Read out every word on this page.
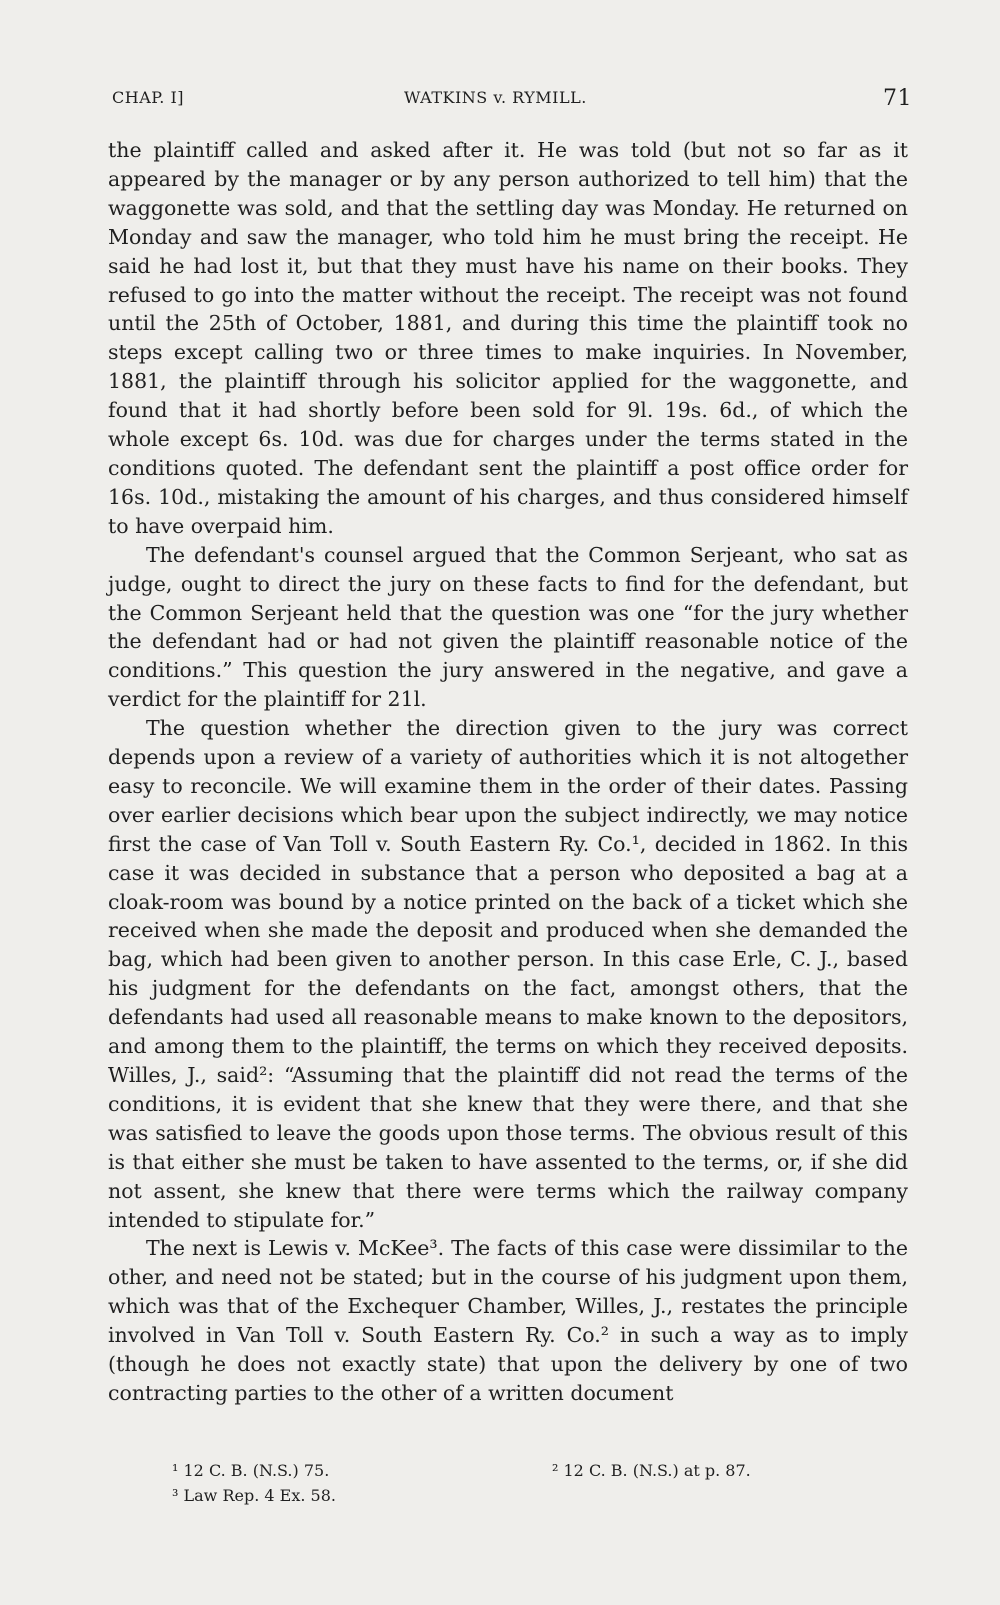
CHAP. I]	WATKINS v. RYMILL.	71

the plaintiff called and asked after it. He was told (but not so far as it appeared by the manager or by any person authorized to tell him) that the waggonette was sold, and that the settling day was Monday. He returned on Monday and saw the manager, who told him he must bring the receipt. He said he had lost it, but that they must have his name on their books. They refused to go into the matter without the receipt. The receipt was not found until the 25th of October, 1881, and during this time the plaintiff took no steps except calling two or three times to make inquiries. In November, 1881, the plaintiff through his solicitor applied for the waggonette, and found that it had shortly before been sold for 9l. 19s. 6d., of which the whole except 6s. 10d. was due for charges under the terms stated in the conditions quoted. The defendant sent the plaintiff a post office order for 16s. 10d., mistaking the amount of his charges, and thus considered himself to have overpaid him.

The defendant's counsel argued that the Common Serjeant, who sat as judge, ought to direct the jury on these facts to find for the defendant, but the Common Serjeant held that the question was one “for the jury whether the defendant had or had not given the plaintiff reasonable notice of the conditions.” This question the jury answered in the negative, and gave a verdict for the plaintiff for 21l.

The question whether the direction given to the jury was correct depends upon a review of a variety of authorities which it is not altogether easy to reconcile. We will examine them in the order of their dates. Passing over earlier decisions which bear upon the subject indirectly, we may notice first the case of Van Toll v. South Eastern Ry. Co.¹, decided in 1862. In this case it was decided in substance that a person who deposited a bag at a cloak-room was bound by a notice printed on the back of a ticket which she received when she made the deposit and produced when she demanded the bag, which had been given to another person. In this case Erle, C. J., based his judgment for the defendants on the fact, amongst others, that the defendants had used all reasonable means to make known to the depositors, and among them to the plaintiff, the terms on which they received deposits. Willes, J., said²: “Assuming that the plaintiff did not read the terms of the conditions, it is evident that she knew that they were there, and that she was satisfied to leave the goods upon those terms. The obvious result of this is that either she must be taken to have assented to the terms, or, if she did not assent, she knew that there were terms which the railway company intended to stipulate for.”

The next is Lewis v. McKee³. The facts of this case were dissimilar to the other, and need not be stated; but in the course of his judgment upon them, which was that of the Exchequer Chamber, Willes, J., restates the principle involved in Van Toll v. South Eastern Ry. Co.² in such a way as to imply (though he does not exactly state) that upon the delivery by one of two contracting parties to the other of a written document

¹ 12 C. B. (N.S.) 75.	² 12 C. B. (N.S.) at p. 87.
³ Law Rep. 4 Ex. 58.
